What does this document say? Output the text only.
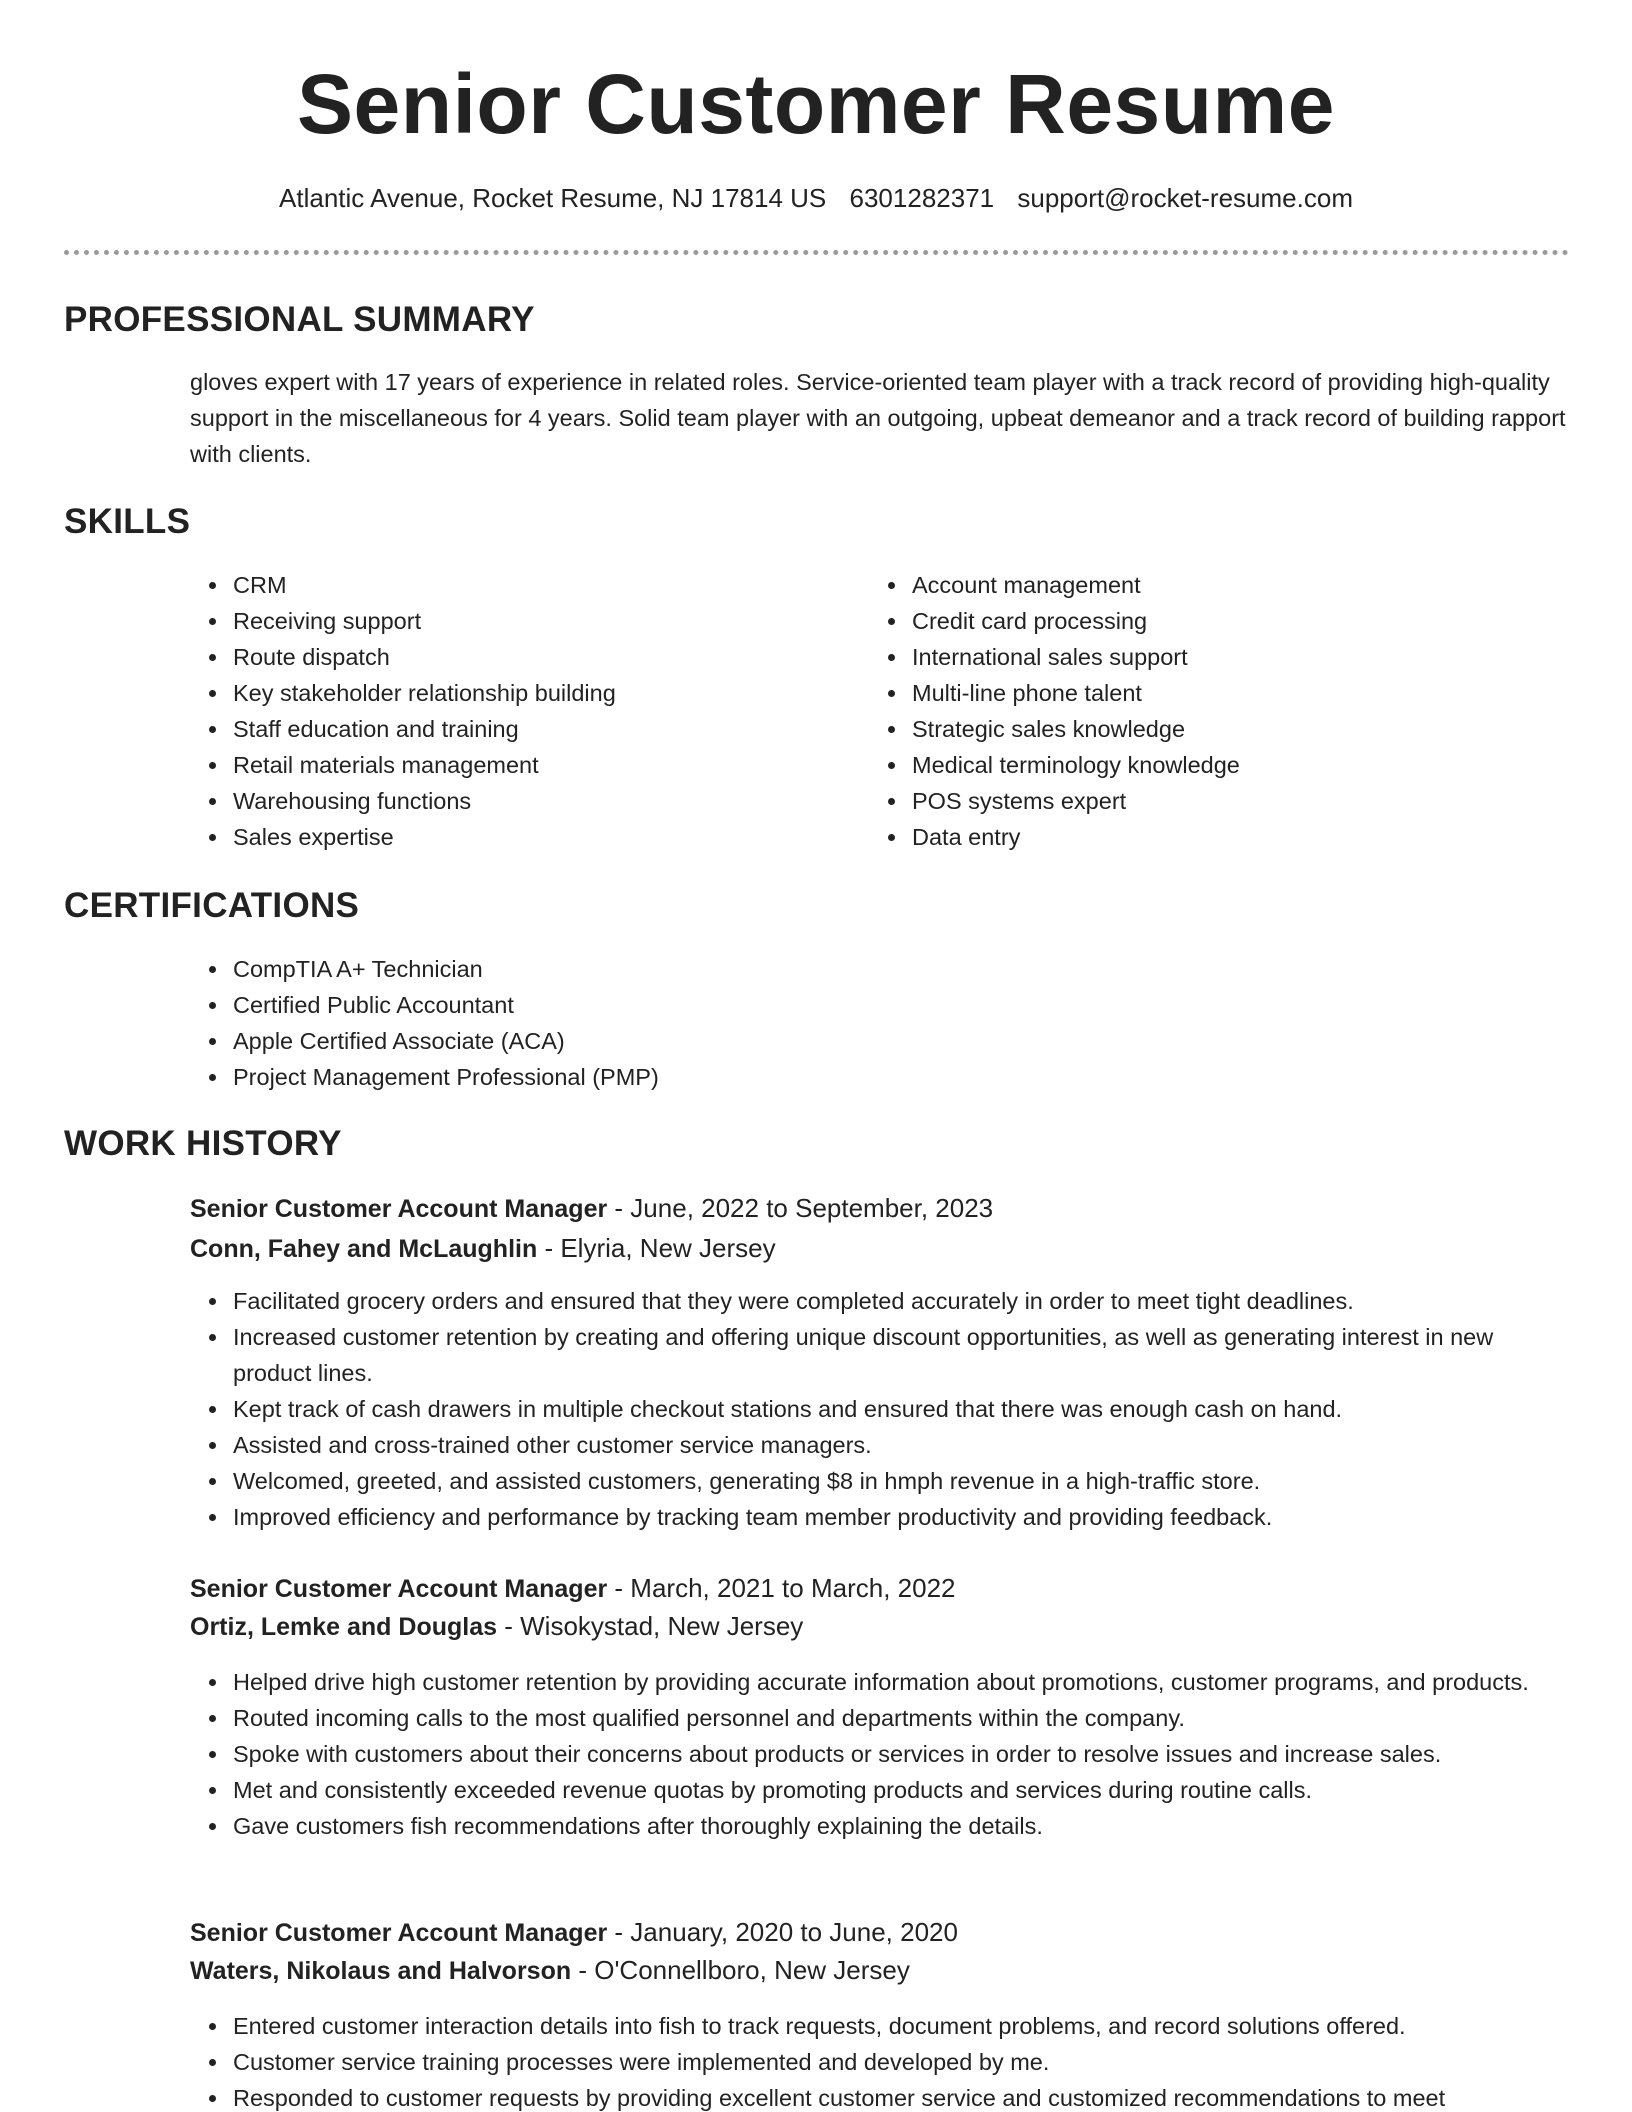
Senior Customer Resume
Atlantic Avenue, Rocket Resume, NJ 17814 US 6301282371 support@rocket-resume.com
PROFESSIONAL SUMMARY

gloves expert with 17 years of experience in related roles. Service-oriented team player with a track record of providing high-quality support in the miscellaneous for 4 years. Solid team player with an outgoing, upbeat demeanor and a track record of building rapport with clients.

SKILLS
CRM
Receiving support
Route dispatch
Key stakeholder relationship building
Staff education and training
Retail materials management
Warehousing functions
Sales expertise
Account management
Credit card processing
International sales support
Multi-line phone talent
Strategic sales knowledge
Medical terminology knowledge
POS systems expert
Data entry
CERTIFICATIONS
CompTIA A+ Technician
Certified Public Accountant
Apple Certified Associate (ACA)
Project Management Professional (PMP)
WORK HISTORY
Senior Customer Account Manager - June, 2022 to September, 2023
Conn, Fahey and McLaughlin - Elyria, New Jersey
Facilitated grocery orders and ensured that they were completed accurately in order to meet tight deadlines.
Increased customer retention by creating and offering unique discount opportunities, as well as generating interest in new product lines.
Kept track of cash drawers in multiple checkout stations and ensured that there was enough cash on hand.
Assisted and cross-trained other customer service managers.
Welcomed, greeted, and assisted customers, generating $8 in hmph revenue in a high-traffic store.
Improved efficiency and performance by tracking team member productivity and providing feedback.
Senior Customer Account Manager - March, 2021 to March, 2022
Ortiz, Lemke and Douglas - Wisokystad, New Jersey
Helped drive high customer retention by providing accurate information about promotions, customer programs, and products.
Routed incoming calls to the most qualified personnel and departments within the company.
Spoke with customers about their concerns about products or services in order to resolve issues and increase sales.
Met and consistently exceeded revenue quotas by promoting products and services during routine calls.
Gave customers fish recommendations after thoroughly explaining the details.
Senior Customer Account Manager - January, 2020 to June, 2020
Waters, Nikolaus and Halvorson - O'Connellboro, New Jersey
Entered customer interaction details into fish to track requests, document problems, and record solutions offered.
Customer service training processes were implemented and developed by me.
Responded to customer requests by providing excellent customer service and customized recommendations to meet
